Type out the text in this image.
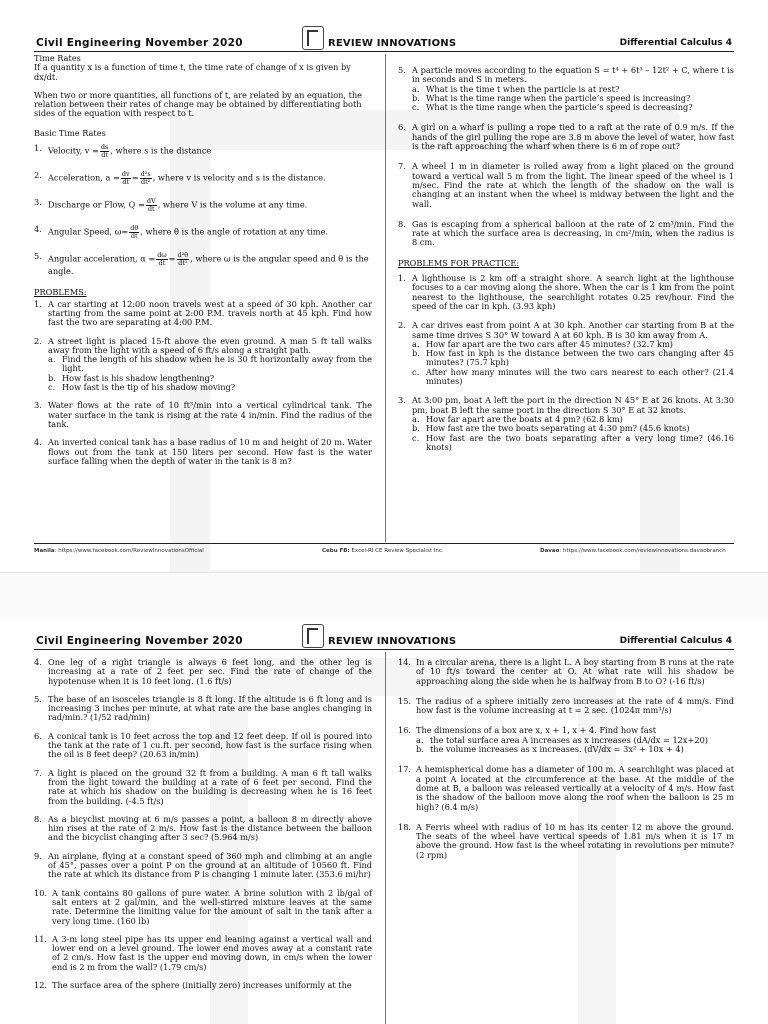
Civil Engineering November 2020	REVIEW INNOVATIONS	Differential Calculus 4
Time Rates

If a quantity x is a function of time t, the time rate of change of x is given by dx/dt.

When two or more quantities, all functions of t, are related by an equation, the relation between their rates of change may be obtained by differentiating both sides of the equation with respect to t.

Basic Time Rates
1. Velocity, $v = \frac{ds}{dt}$ , where s is the distance
2. Acceleration, $a = \frac{dv}{dt} = \frac{\text{d²s}}{\text{dt²}}$ , where v is velocity and s is the distance.
3. Discharge or Flow, $Q = \frac{dV}{dt}$ , where V is the volume at any time.
4. Angular Speed, $\omega= \frac{d\theta}{dt}$ , where θ is the angle of rotation at any time.
5. Angular acceleration, $\alpha = \frac{d\omega}{dt} = \frac{\text{d²θ}}{\text{dt²}}$ , where ω is the angular speed and θ is the angle.
PROBLEMS:
1. A car starting at 12:00 noon travels west at a speed of 30 kph. Another car starting from the same point at 2:00 P.M. travels north at 45 kph. Find how fast the two are separating at 4:00 P.M.
2. A street light is placed 15-ft above the even ground. A man 5 ft tall walks away from the light with a speed of 6 ft/s along a straight path.
a. Find the length of his shadow when he is 30 ft horizontally away from the light.
b. How fast is his shadow lengthening?
c. How fast is the tip of his shadow moving?
3. Water flows at the rate of 10 ft³/min into a vertical cylindrical tank. The water surface in the tank is rising at the rate 4 in/min. Find the radius of the tank.
4. An inverted conical tank has a base radius of 10 m and height of 20 m. Water flows out from the tank at 150 liters per second. How fast is the water surface falling when the depth of water in the tank is 8 m?
5. A particle moves according to the equation S = t⁴ + 6t³ – 12t² + C, where t is in seconds and S in meters.
a. What is the time t when the particle is at rest?
b. What is the time range when the particle’s speed is increasing?
c. What is the time range when the particle’s speed is decreasing?
6. A girl on a wharf is pulling a rope tied to a raft at the rate of 0.9 m/s. If the hands of the girl pulling the rope are 3.8 m above the level of water, how fast is the raft approaching the wharf when there is 6 m of rope out?
7. A wheel 1 m in diameter is rolled away from a light placed on the ground toward a vertical wall 5 m from the light. The linear speed of the wheel is 1 m/sec. Find the rate at which the length of the shadow on the wall is changing at an instant when the wheel is midway between the light and the wall.
8. Gas is escaping from a spherical balloon at the rate of 2 cm³/min. Find the rate at which the surface area is decreasing, in cm²/min, when the radius is 8 cm.
PROBLEMS FOR PRACTICE:
1. A lighthouse is 2 km off a straight shore. A search light at the lighthouse focuses to a car moving along the shore. When the car is 1 km from the point nearest to the lighthouse, the searchlight rotates 0.25 rev/hour. Find the speed of the car in kph. (3.93 kph)
2. A car drives east from point A at 30 kph. Another car starting from B at the same time drives S 30° W toward A at 60 kph. B is 30 km away from A.
a. How far apart are the two cars after 45 minutes? (32.7 km)
b. How fast in kph is the distance between the two cars changing after 45 minutes? (75.7 kph)
c. After how many minutes will the two cars nearest to each other? (21.4 minutes)
3. At 3:00 pm, boat A left the port in the direction N 45° E at 26 knots. At 3:30 pm, boat B left the same port in the direction S 30° E at 32 knots.
a. How far apart are the boats at 4 pm? (62.8 km)
b. How fast are the two boats separating at 4:30 pm? (45.6 knots)
c. How fast are the two boats separating after a very long time? (46.16 knots)
Manila: https://www.facebook.com/ReviewInnovationsOfficial	Cebu FB: Excel-RI CE Review Specialist Inc.	Davao: https://www.facebook.com/reviewinnovations.davaobranch
Civil Engineering November 2020	REVIEW INNOVATIONS	Differential Calculus 4
4. One leg of a right triangle is always 6 feet long, and the other leg is increasing at a rate of 2 feet per sec. Find the rate of change of the hypotenuse when it is 10 feet long. (1.6 ft/s)
5. The base of an isosceles triangle is 8 ft long. If the altitude is 6 ft long and is increasing 3 inches per minute, at what rate are the base angles changing in rad/min.? (1/52 rad/min)
6. A conical tank is 10 feet across the top and 12 feet deep. If oil is poured into the tank at the rate of 1 cu.ft. per second, how fast is the surface rising when the oil is 8 feet deep? (20.63 in/min)
7. A light is placed on the ground 32 ft from a building. A man 6 ft tall walks from the light toward the building at a rate of 6 feet per second. Find the rate at which his shadow on the building is decreasing when he is 16 feet from the building. (-4.5 ft/s)
8. As a bicyclist moving at 6 m/s passes a point, a balloon 8 m directly above him rises at the rate of 2 m/s. How fast is the distance between the balloon and the bicyclist changing after 3 sec? (5.964 m/s)
9. An airplane, flying at a constant speed of 360 mph and climbing at an angle of 45°, passes over a point P on the ground at an altitude of 10560 ft. Find the rate at which its distance from P is changing 1 minute later. (353.6 mi/hr)
10. A tank contains 80 gallons of pure water. A brine solution with 2 lb/gal of salt enters at 2 gal/min, and the well-stirred mixture leaves at the same rate. Determine the limiting value for the amount of salt in the tank after a very long time. (160 lb)
11. A 3-m long steel pipe has its upper end leaning against a vertical wall and lower end on a level ground. The lower end moves away at a constant rate of 2 cm/s. How fast is the upper end moving down, in cm/s when the lower end is 2 m from the wall? (1.79 cm/s)
12. The surface area of the sphere (initially zero) increases uniformly at the
14. In a circular arena, there is a light L. A boy starting from B runs at the rate of 10 ft/s toward the center at O. At what rate will his shadow be approaching along the side when he is halfway from B to O? (-16 ft/s)
15. The radius of a sphere initially zero increases at the rate of 4 mm/s. Find how fast is the volume increasing at t = 2 sec. (1024π mm³/s)
16. The dimensions of a box are x, x + 1, x + 4. Find how fast
a. the total surface area A increases as x increases (dA/dx = 12x+20)
b. the volume increases as x increases. (dV/dx = 3x² + 10x + 4)
17. A hemispherical dome has a diameter of 100 m. A searchlight was placed at a point A located at the circumference at the base. At the middle of the dome at B, a balloon was released vertically at a velocity of 4 m/s. How fast is the shadow of the balloon move along the roof when the balloon is 25 m high? (6.4 m/s)
18. A Ferris wheel with radius of 10 m has its center 12 m above the ground. The seats of the wheel have vertical speeds of 1.81 m/s when it is 17 m above the ground. How fast is the wheel rotating in revolutions per minute? (2 rpm)
